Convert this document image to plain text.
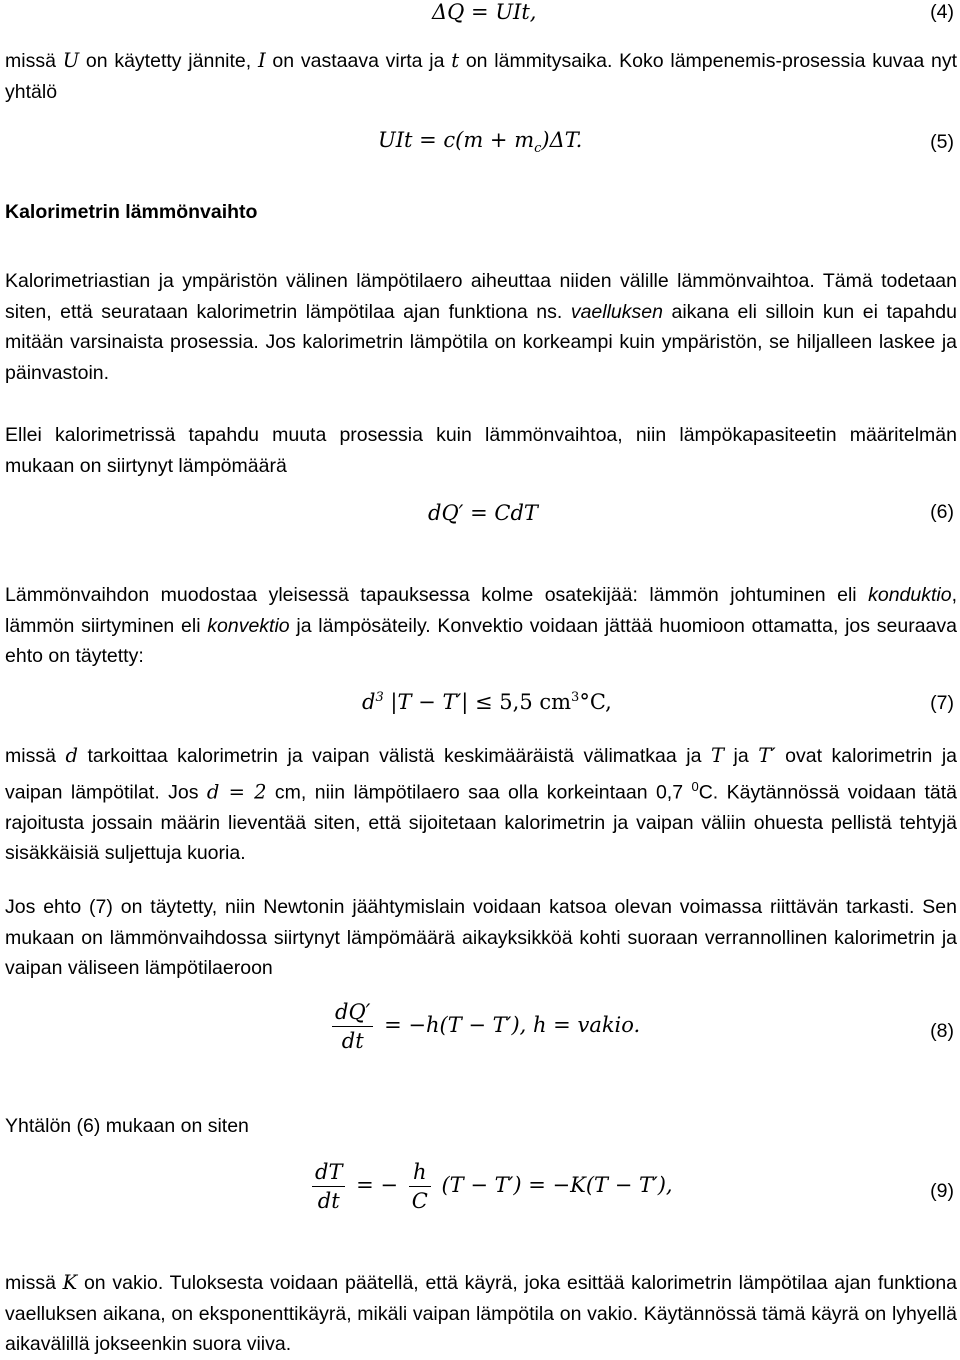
ΔQ = UIt,	(4)

missä U on käytetty jännite, I on vastaava virta ja t on lämmitysaika. Koko lämpenemis-prosessia kuvaa nyt yhtälö

UIt = $c(m + m_c)\Delta T$.	(5)
Kalorimetrin lämmönvaihto

Kalorimetriastian ja ympäristön välinen lämpötilaero aiheuttaa niiden välille lämmönvaihtoa. Tämä todetaan siten, että seurataan kalorimetrin lämpötilaa ajan funktiona ns. vaelluksen aikana eli silloin kun ei tapahdu mitään varsinaista prosessia. Jos kalorimetrin lämpötila on korkeampi kuin ympäristön, se hiljalleen laskee ja päinvastoin.

Ellei kalorimetrissä tapahdu muuta prosessia kuin lämmönvaihtoa, niin lämpökapasiteetin määritelmän mukaan on siirtynyt lämpömäärä

dQ′ = CdT	(6)

Lämmönvaihdon muodostaa yleisessä tapauksessa kolme osatekijää: lämmön johtuminen eli konduktio, lämmön siirtyminen eli konvektio ja lämpösäteily. Konvektio voidaan jättää huomioon ottamatta, jos seuraava ehto on täytetty:

$d^3$ |T − T′| ≤ 5,5 $cm^3^\circ C$,	(7)

missä d tarkoittaa kalorimetrin ja vaipan välistä keskimääräistä välimatkaa ja T ja T′ ovat kalorimetrin ja vaipan lämpötilat. Jos d = 2 cm, niin lämpötilaero saa olla korkeintaan 0,7 $^0$C. Käytännössä voidaan tätä rajoitusta jossain määrin lieventää siten, että sijoitetaan kalorimetrin ja vaipan väliin ohuesta pellistä tehtyjä sisäkkäisiä suljettuja kuoria.

Jos ehto (7) on täytetty, niin Newtonin jäähtymislain voidaan katsoa olevan voimassa riittävän tarkasti. Sen mukaan on lämmönvaihdossa siirtynyt lämpömäärä aikayksikköä kohti suoraan verrannollinen kalorimetrin ja vaipan väliseen lämpötilaeroon

$\frac{dQ'}{dt} = -h(T - T')$, h = vakio.	(8)

Yhtälön (6) mukaan on siten

$\frac{dT}{dt}$ = − $\frac{h}{C} (T - T') = -K(T - T')$,	(9)

missä K on vakio. Tuloksesta voidaan päätellä, että käyrä, joka esittää kalorimetrin lämpötilaa ajan funktiona vaelluksen aikana, on eksponenttikäyrä, mikäli vaipan lämpötila on vakio. Käytännössä tämä käyrä on lyhyellä aikavälillä jokseenkin suora viiva.
